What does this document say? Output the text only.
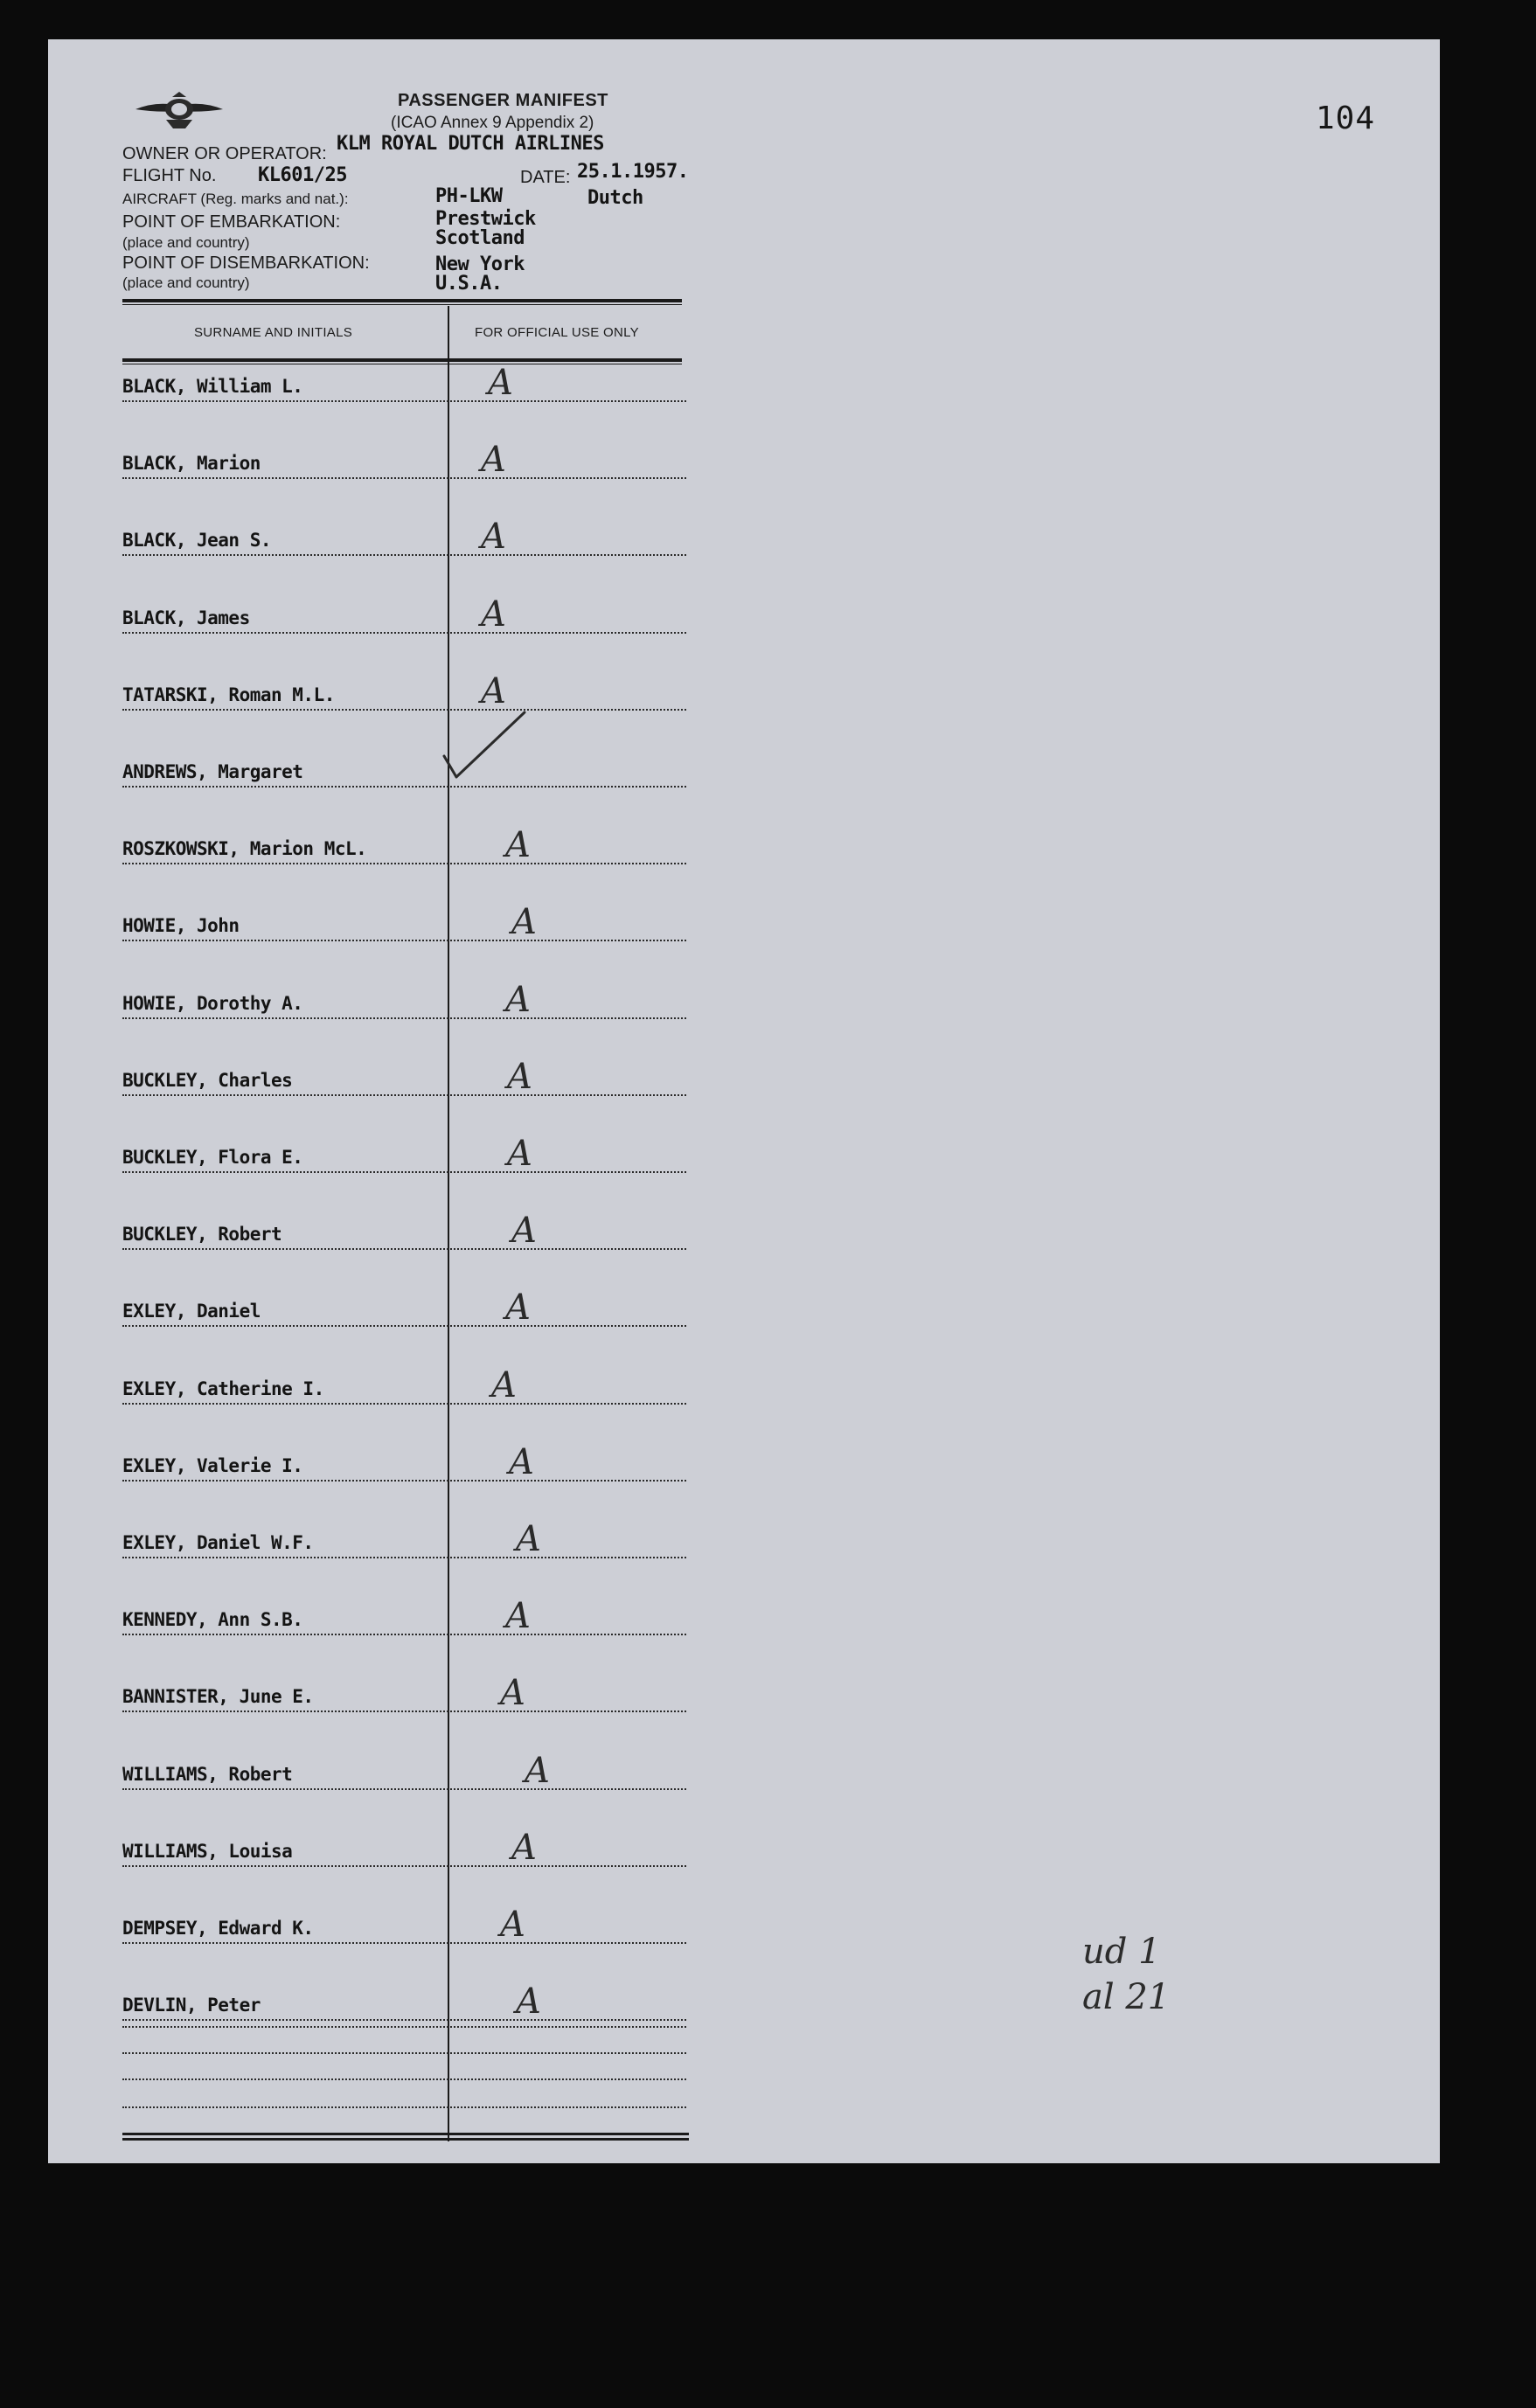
104
PASSENGER MANIFEST
(ICAO Annex 9 Appendix 2)
OWNER OR OPERATOR: KLM ROYAL DUTCH AIRLINES
FLIGHT No. KL601/25	DATE: 25.1.1957.
AIRCRAFT (Reg. marks and nat.):	PH-LKW	Dutch
POINT OF EMBARKATION:
(place and country)
Prestwick
Scotland
POINT OF DISEMBARKATION:
(place and country)
New York
U.S.A.
SURNAME AND INITIALS	FOR OFFICIAL USE ONLY
BLACK, William L.	A
BLACK, Marion	A
BLACK, Jean S.	A
BLACK, James	A
TATARSKI, Roman M.L.	A
ANDREWS, Margaret
ROSZKOWSKI, Marion McL.	A
HOWIE, John	A
HOWIE, Dorothy A.	A
BUCKLEY, Charles	A
BUCKLEY, Flora E.	A
BUCKLEY, Robert	A
EXLEY, Daniel	A
EXLEY, Catherine I.	A
EXLEY, Valerie I.	A
EXLEY, Daniel W.F.	A
KENNEDY, Ann S.B.	A
BANNISTER, June E.	A
WILLIAMS, Robert	A
WILLIAMS, Louisa	A
DEMPSEY, Edward K.	A
DEVLIN, Peter	A
ud 1
al 21
